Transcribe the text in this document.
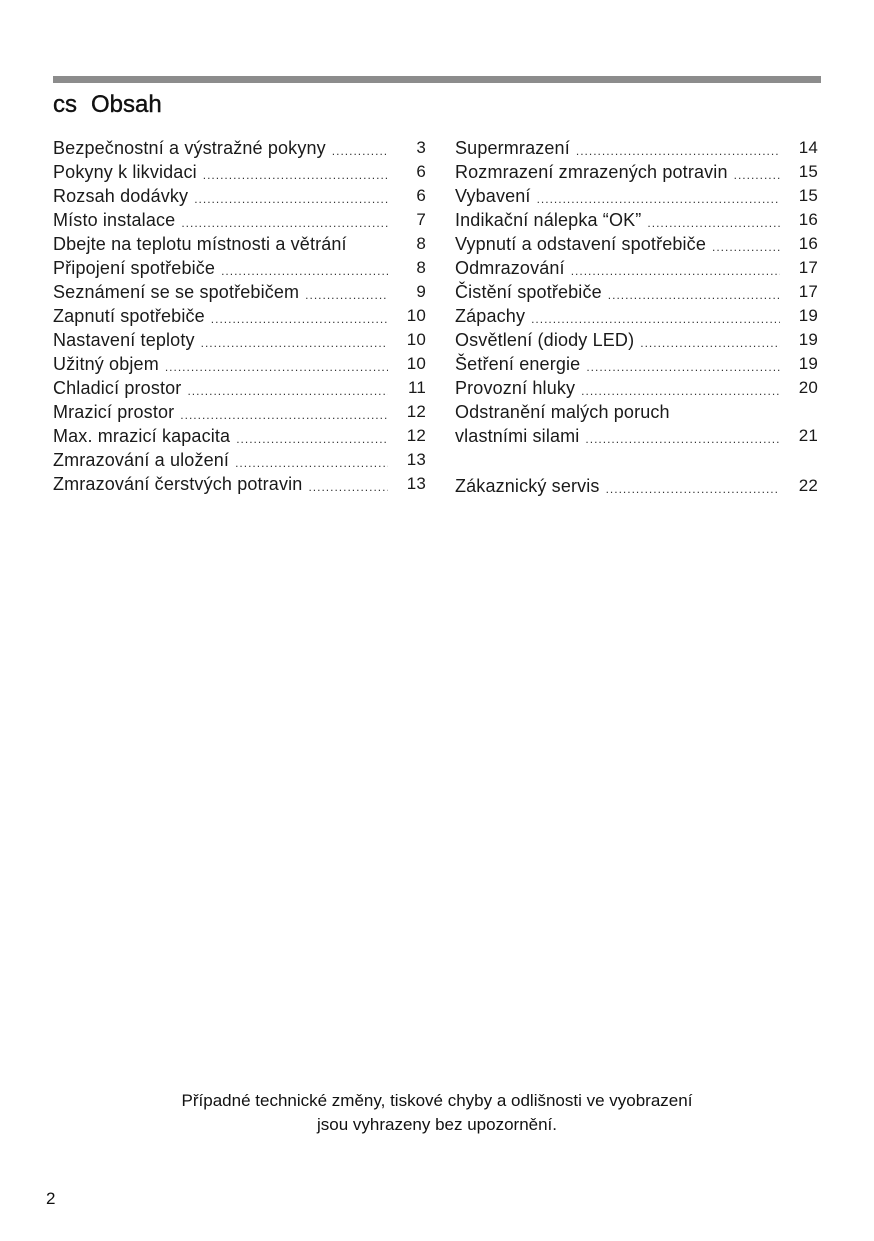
cs Obsah
Bezpečnostní a výstražné pokyny .....	3
Pokyny k likvidaci .....	6
Rozsah dodávky .....	6
Místo instalace .....	7
Dbejte na teplotu místnosti a větrání	8
Připojení spotřebiče .....	8
Seznámení se se spotřebičem .....	9
Zapnutí spotřebiče .....	10
Nastavení teploty .....	10
Užitný objem .....	10
Chladicí prostor .....	11
Mrazicí prostor .....	12
Max. mrazicí kapacita .....	12
Zmrazování a uložení .....	13
Zmrazování čerstvých potravin .....	13
Supermrazení .....	14
Rozmrazení zmrazených potravin .....	15
Vybavení .....	15
Indikační nálepka “OK” .....	16
Vypnutí a odstavení spotřebiče .....	16
Odmrazování .....	17
Čistění spotřebiče .....	17
Zápachy .....	19
Osvětlení (diody LED) .....	19
Šetření energie .....	19
Provozní hluky .....	20
Odstranění malých poruch
vlastními silami .....	21
Zákaznický servis .....	22
Případné technické změny, tiskové chyby a odlišnosti ve vyobrazení
jsou vyhrazeny bez upozornění.
2
